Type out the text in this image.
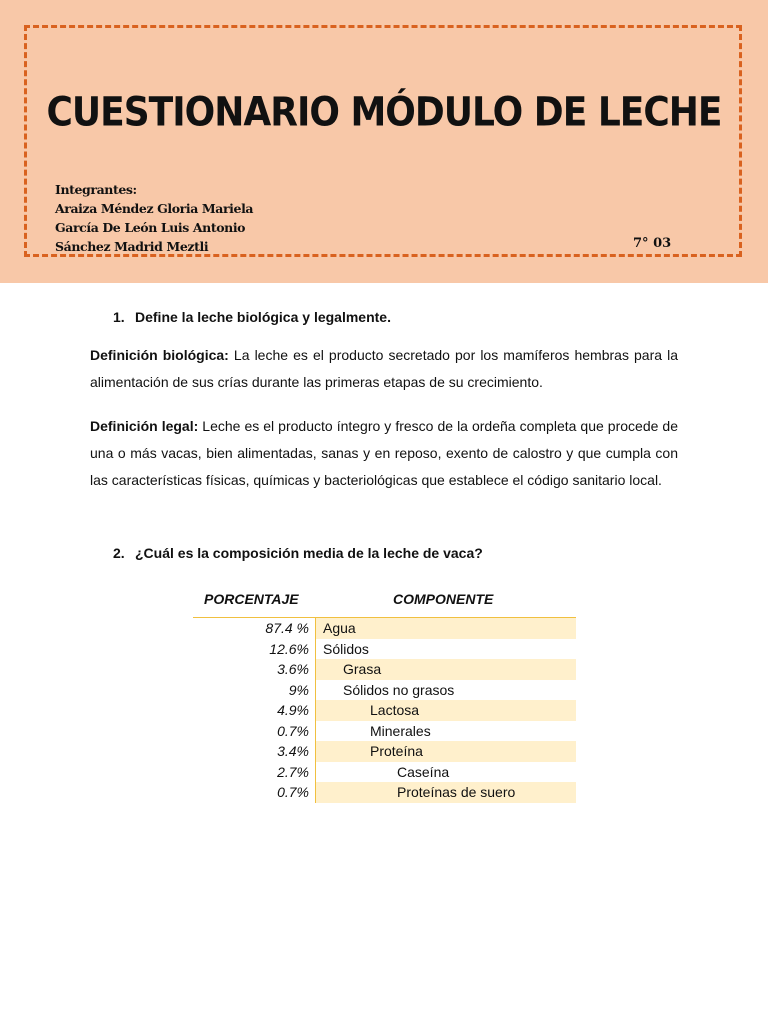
CUESTIONARIO MÓDULO DE LECHE
Integrantes:
Araiza Méndez Gloria Mariela
García De León Luis Antonio
Sánchez Madrid Meztli	7° 03
1. Define la leche biológica y legalmente.
Definición biológica: La leche es el producto secretado por los mamíferos hembras para la alimentación de sus crías durante las primeras etapas de su crecimiento.
Definición legal: Leche es el producto íntegro y fresco de la ordeña completa que procede de una o más vacas, bien alimentadas, sanas y en reposo, exento de calostro y que cumpla con las características físicas, químicas y bacteriológicas que establece el código sanitario local.
2. ¿Cuál es la composición media de la leche de vaca?
PORCENTAJE	COMPONENTE
87.4 %	Agua
12.6%	Sólidos
3.6%	Grasa
9%	Sólidos no grasos
4.9%	Lactosa
0.7%	Minerales
3.4%	Proteína
2.7%	Caseína
0.7%	Proteínas de suero
